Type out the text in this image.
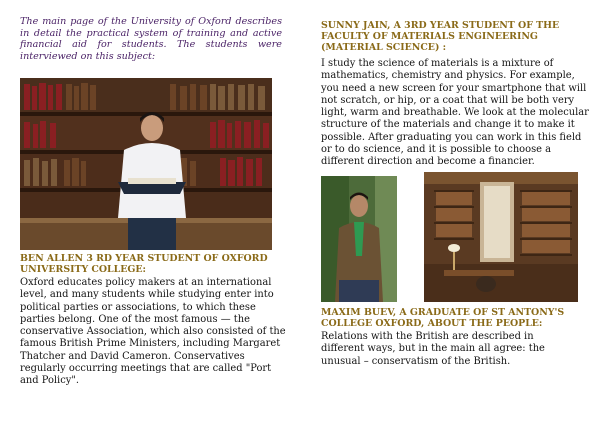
The main page of the University of Oxford describes in detail the practical system of training and active financial aid for students. The students were interviewed on this subject:
BEN ALLEN 3 RD YEAR STUDENT OF OXFORD UNIVERSITY COLLEGE:
Oxford educates policy makers at an international level, and many students while studying enter into political parties or associations, to which these parties belong. One of the most famous — the conservative Association, which also consisted of the famous British Prime Ministers, including Margaret Thatcher and David Cameron. Conservatives regularly occurring meetings that are called "Port and Policy".
SUNNY JAIN, A 3RD YEAR STUDENT OF THE FACULTY OF MATERIALS ENGINEERING (MATERIAL SCIENCE) :
I study the science of materials is a mixture of mathematics, chemistry and physics. For example, you need a new screen for your smartphone that will not scratch, or hip, or a coat that will be both very light, warm and breathable. We look at the molecular structure of the materials and change it to make it possible. After graduating you can work in this field or to do science, and it is possible to choose a different direction and become a financier.
MAXIM BUEV, A GRADUATE OF ST ANTONY'S COLLEGE OXFORD, ABOUT THE PEOPLE:
Relations with the British are described in different ways, but in the main all agree: the unusual – conservatism of the British.
